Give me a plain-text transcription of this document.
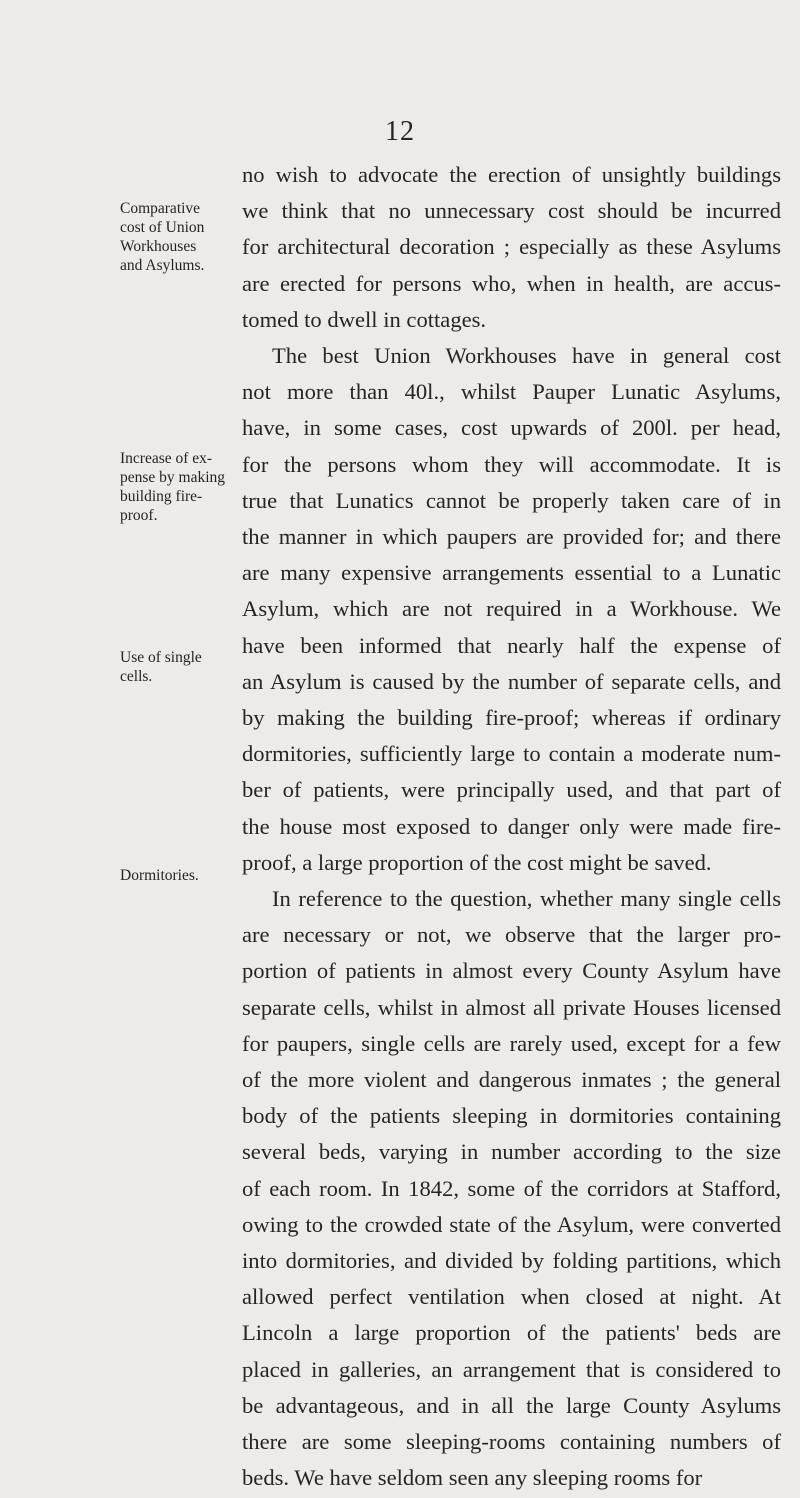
12
no wish to advocate the erection of unsightly buildings
we think that no unnecessary cost should be incurred
for architectural decoration ; especially as these Asylums
are erected for persons who, when in health, are accus-
tomed to dwell in cottages.
The best Union Workhouses have in general cost
not more than 40l., whilst Pauper Lunatic Asylums,
have, in some cases, cost upwards of 200l. per head,
for the persons whom they will accommodate. It is
true that Lunatics cannot be properly taken care of in
the manner in which paupers are provided for; and there
are many expensive arrangements essential to a Lunatic
Asylum, which are not required in a Workhouse. We
have been informed that nearly half the expense of
an Asylum is caused by the number of separate cells, and
by making the building fire-proof; whereas if ordinary
dormitories, sufficiently large to contain a moderate num-
ber of patients, were principally used, and that part of
the house most exposed to danger only were made fire-
proof, a large proportion of the cost might be saved.
In reference to the question, whether many single cells
are necessary or not, we observe that the larger pro-
portion of patients in almost every County Asylum have
separate cells, whilst in almost all private Houses licensed
for paupers, single cells are rarely used, except for a few
of the more violent and dangerous inmates ; the general
body of the patients sleeping in dormitories containing
several beds, varying in number according to the size
of each room. In 1842, some of the corridors at Stafford,
owing to the crowded state of the Asylum, were converted
into dormitories, and divided by folding partitions, which
allowed perfect ventilation when closed at night. At
Lincoln a large proportion of the patients' beds are
placed in galleries, an arrangement that is considered to
be advantageous, and in all the large County Asylums
there are some sleeping-rooms containing numbers of
beds. We have seldom seen any sleeping rooms for
Comparative
cost of Union
Workhouses
and Asylums.
Increase of ex-
pense by making
building fire-
proof.
Use of single
cells.
Dormitories.
